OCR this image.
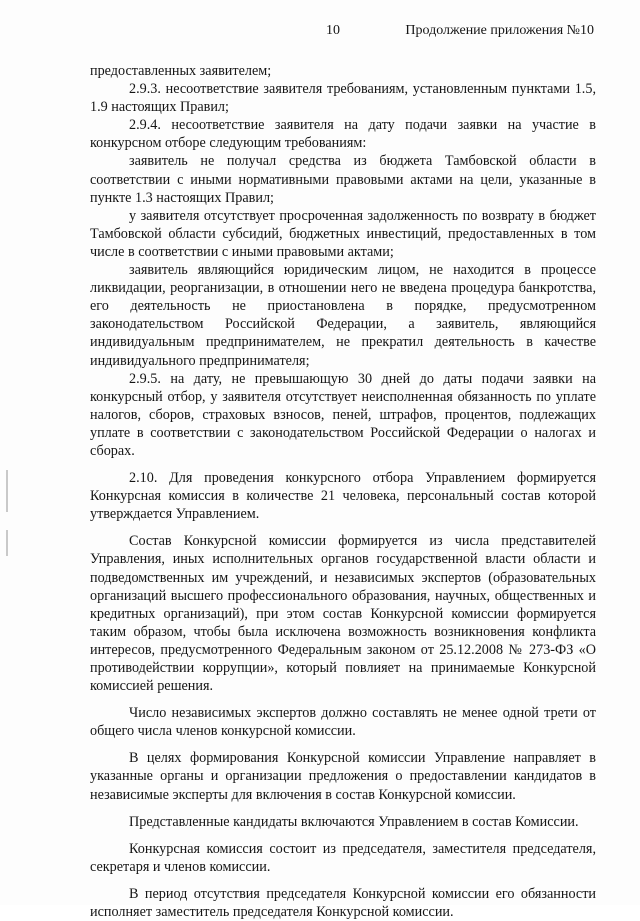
10	Продолжение приложения №10

предоставленных заявителем;

2.9.3. несоответствие заявителя требованиям, установленным пунктами 1.5, 1.9 настоящих Правил;

2.9.4. несоответствие заявителя на дату подачи заявки на участие в конкурсном отборе следующим требованиям:

заявитель не получал средства из бюджета Тамбовской области в соответствии с иными нормативными правовыми актами на цели, указанные в пункте 1.3 настоящих Правил;

у заявителя отсутствует просроченная задолженность по возврату в бюджет Тамбовской области субсидий, бюджетных инвестиций, предоставленных в том числе в соответствии с иными правовыми актами;

заявитель являющийся юридическим лицом, не находится в процессе ликвидации, реорганизации, в отношении него не введена процедура банкротства, его деятельность не приостановлена в порядке, предусмотренном законодательством Российской Федерации, а заявитель, являющийся индивидуальным предпринимателем, не прекратил деятельность в качестве индивидуального предпринимателя;

2.9.5. на дату, не превышающую 30 дней до даты подачи заявки на конкурсный отбор, у заявителя отсутствует неисполненная обязанность по уплате налогов, сборов, страховых взносов, пеней, штрафов, процентов, подлежащих уплате в соответствии с законодательством Российской Федерации о налогах и сборах.

2.10. Для проведения конкурсного отбора Управлением формируется Конкурсная комиссия в количестве 21 человека, персональный состав которой утверждается Управлением.

Состав Конкурсной комиссии формируется из числа представителей Управления, иных исполнительных органов государственной власти области и подведомственных им учреждений, и независимых экспертов (образовательных организаций высшего профессионального образования, научных, общественных и кредитных организаций), при этом состав Конкурсной комиссии формируется таким образом, чтобы была исключена возможность возникновения конфликта интересов, предусмотренного Федеральным законом от 25.12.2008 № 273-ФЗ «О противодействии коррупции», который повлияет на принимаемые Конкурсной комиссией решения.

Число независимых экспертов должно составлять не менее одной трети от общего числа членов конкурсной комиссии.

В целях формирования Конкурсной комиссии Управление направляет в указанные органы и организации предложения о предоставлении кандидатов в независимые эксперты для включения в состав Конкурсной комиссии.

Представленные кандидаты включаются Управлением в состав Комиссии.

Конкурсная комиссия состоит из председателя, заместителя председателя, секретаря и членов комиссии.

В период отсутствия председателя Конкурсной комиссии его обязанности исполняет заместитель председателя Конкурсной комиссии.
